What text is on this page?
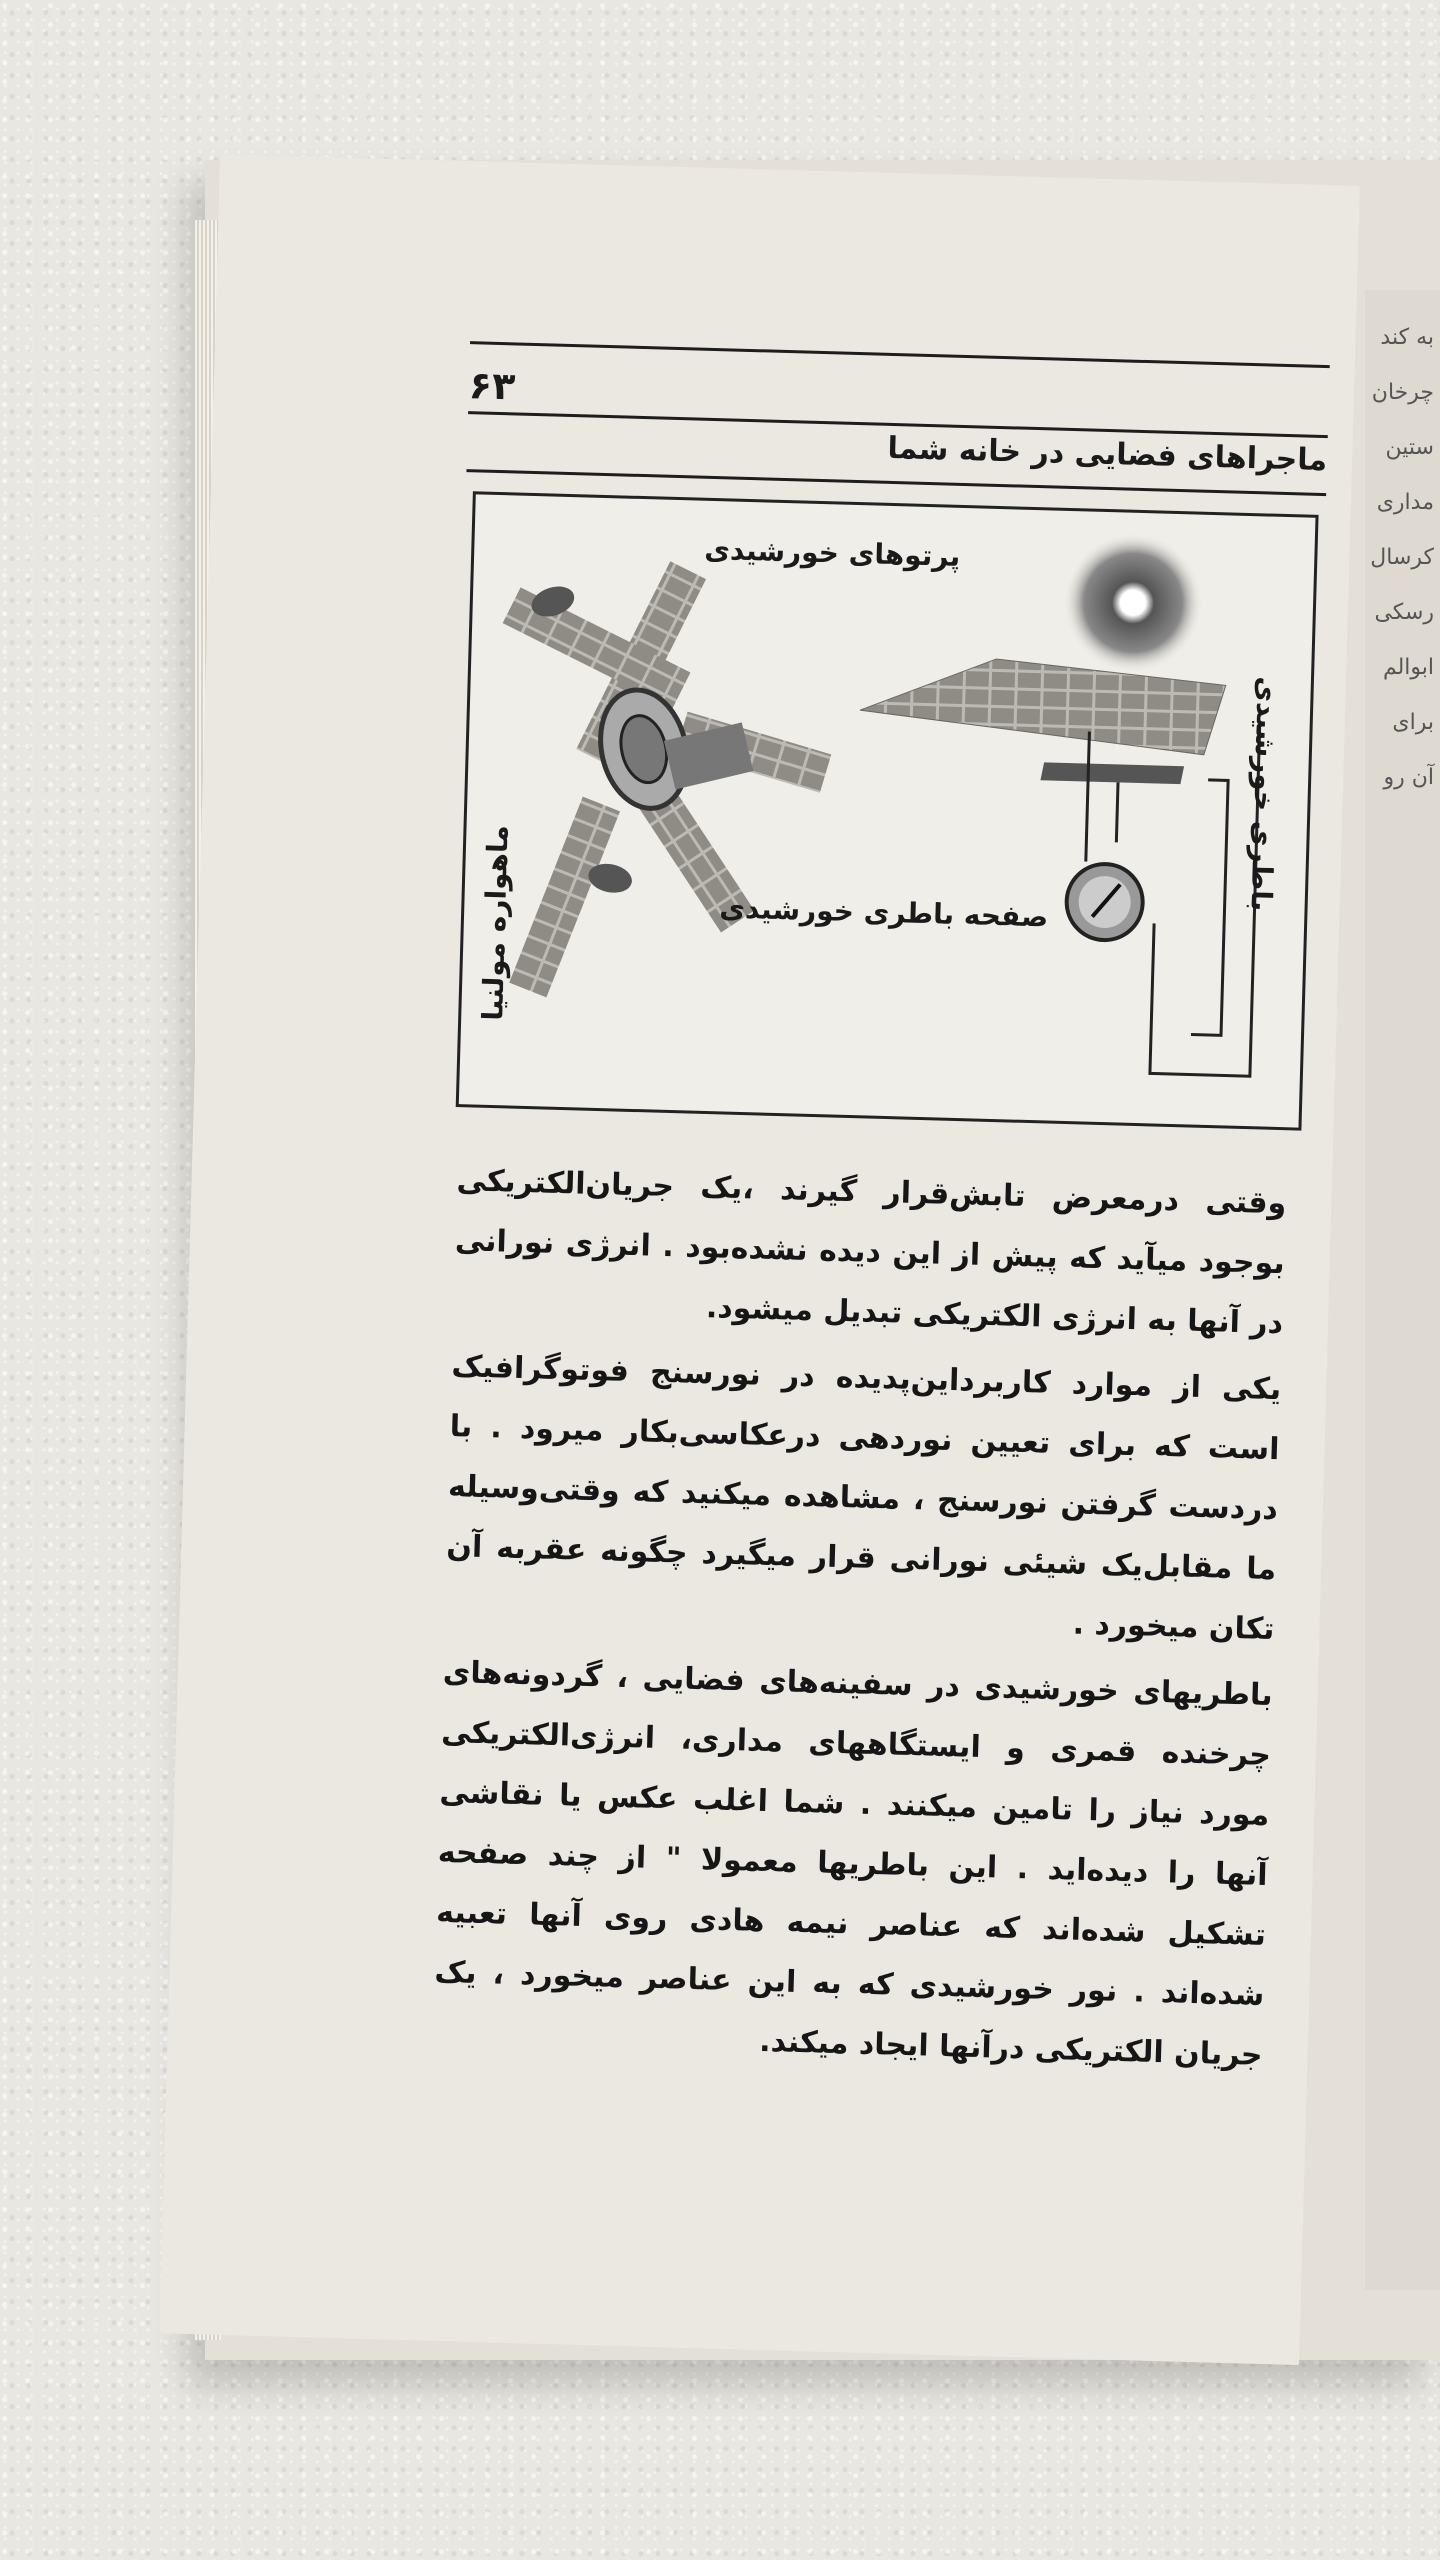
به کند
چرخان
ستین
مداری
کرسال
رسکی
ابوالم
برای
آن رو
۶۳
ماجراهای فضایی در خانه شما
پرتوهای خورشیدی
باطری خورشیدی
ماهواره مولنیا	صفحه باطری خورشیدی

وقتی درمعرض تابش‌قرار گیرند ،یک جریان‌الکتریکی بوجود میآید که پیش از این دیده نشده‌بود . انرژی نورانی در آنها به انرژی الکتریکی تبدیل میشود.

یکی از موارد کاربرداین‌پدیده در نورسنج فوتوگرافیک است که برای تعیین نوردهی درعکاسی‌بکار میرود . با دردست گرفتن نورسنج ، مشاهده میکنید که وقتی‌وسیله ما مقابل‌یک شیئی نورانی قرار میگیرد چگونه عقربه آن تکان میخورد .

باطریهای خورشیدی در سفینه‌های فضایی ، گردونه‌های چرخنده قمری و ایستگاههای مداری، انرژی‌الکتریکی مورد نیاز را تامین میکنند . شما اغلب عکس یا نقاشی آنها را دیده‌اید . این باطریها معمولا " از چند صفحه تشکیل شده‌اند که عناصر نیمه هادی روی آنها تعبیه شده‌اند . نور خورشیدی که به این عناصر میخورد ، یک جریان الکتریکی درآنها ایجاد میکند.
